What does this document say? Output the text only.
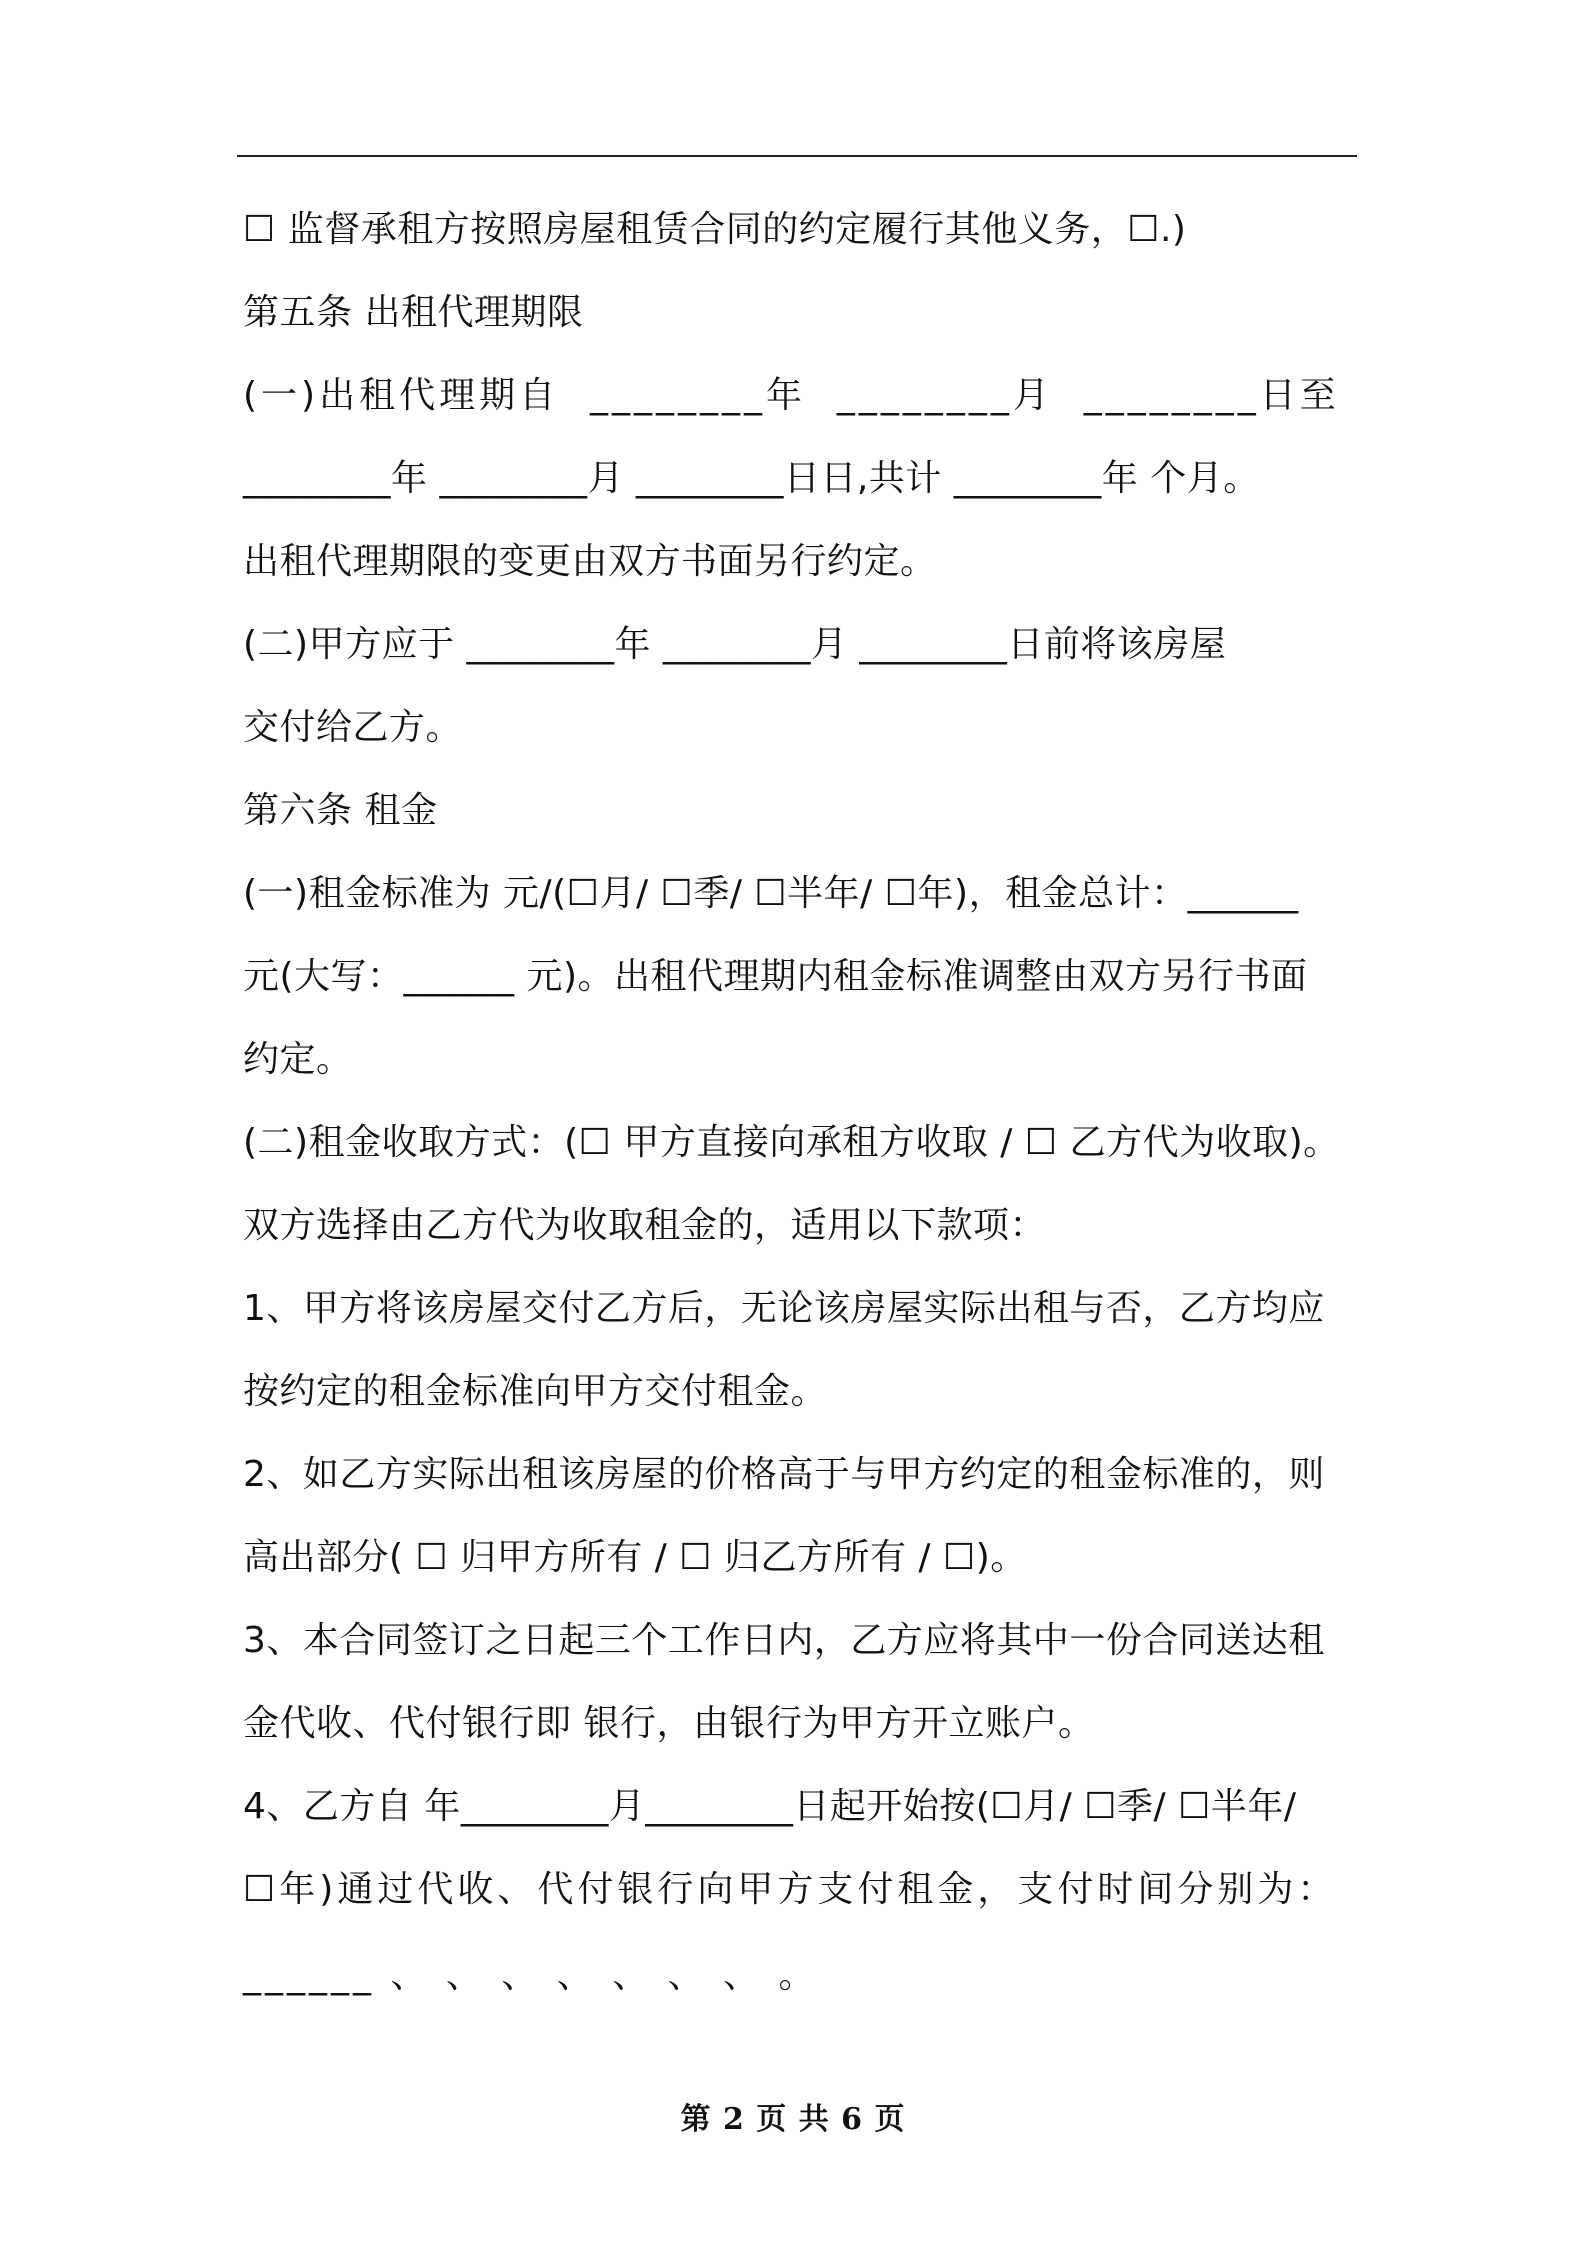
☐ 监督承租方按照房屋租赁合同的约定履行其他义务，☐.)
第五条 出租代理期限
(一)出租代理期自  ________年  ________月  ________日至
________年 ________月 ________日日,共计 ________年 个月。
出租代理期限的变更由双方书面另行约定。
(二)甲方应于 ________年 ________月 ________日前将该房屋
交付给乙方。
第六条 租金
(一)租金标准为 元/(☐月/ ☐季/ ☐半年/ ☐年)，租金总计：______
元(大写：______ 元)。出租代理期内租金标准调整由双方另行书面
约定。
(二)租金收取方式：(☐ 甲方直接向承租方收取 / ☐ 乙方代为收取)。
双方选择由乙方代为收取租金的，适用以下款项：
1、甲方将该房屋交付乙方后，无论该房屋实际出租与否，乙方均应
按约定的租金标准向甲方交付租金。
2、如乙方实际出租该房屋的价格高于与甲方约定的租金标准的，则
高出部分( ☐ 归甲方所有 / ☐ 归乙方所有 / ☐)。
3、本合同签订之日起三个工作日内，乙方应将其中一份合同送达租
金代收、代付银行即 银行，由银行为甲方开立账户。
4、乙方自 年________月________日起开始按(☐月/ ☐季/ ☐半年/
☐年)通过代收、代付银行向甲方支付租金，支付时间分别为：
______ 、 、 、 、 、 、 、 。
第 2 页 共 6 页
